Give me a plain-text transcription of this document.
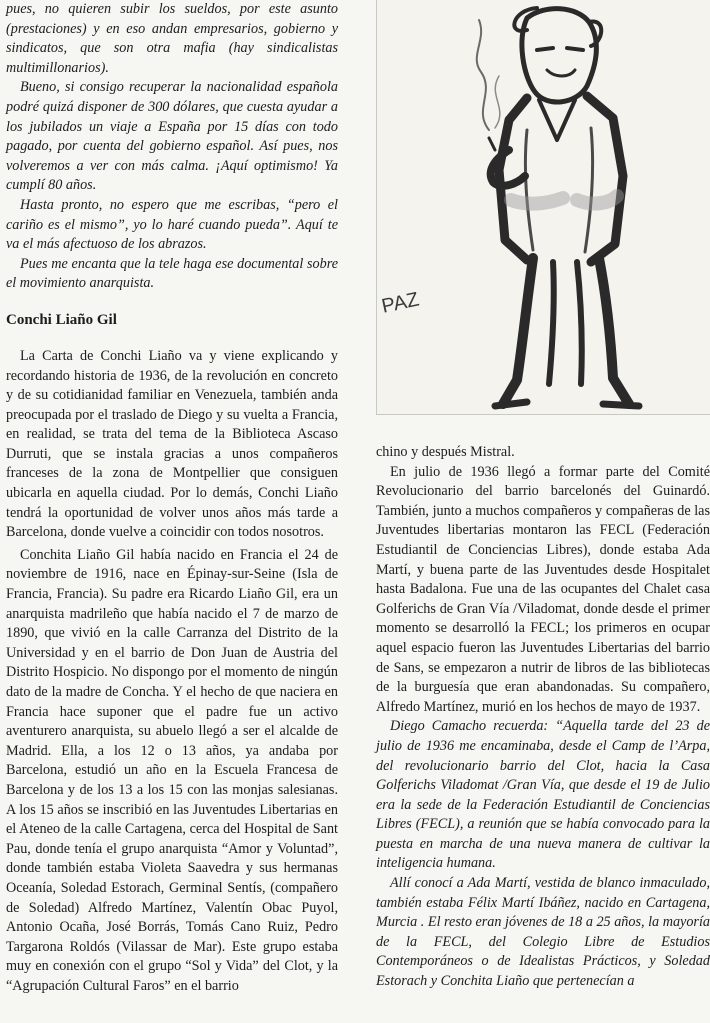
pues, no quieren subir los sueldos, por este asunto (prestaciones) y en eso andan empresarios, gobierno y sindicatos, que son otra mafia (hay sindicalistas multimillonarios).

Bueno, si consigo recuperar la nacionalidad española podré quizá disponer de 300 dólares, que cuesta ayudar a los jubilados un viaje a España por 15 días con todo pagado, por cuenta del gobierno español. Así pues, nos volveremos a ver con más calma. ¡Aquí optimismo! Ya cumplí 80 años.

Hasta pronto, no espero que me escribas, “pero el cariño es el mismo”, yo lo haré cuando pueda”. Aquí te va el más afectuoso de los abrazos.

Pues me encanta que la tele haga ese documental sobre el movimiento anarquista.

Conchi Liaño Gil

La Carta de Conchi Liaño va y viene explicando y recordando historia de 1936, de la revolución en concreto y de su cotidianidad familiar en Venezuela, también anda preocupada por el traslado de Diego y su vuelta a Francia, en realidad, se trata del tema de la Biblioteca Ascaso Durruti, que se instala gracias a unos compañeros franceses de la zona de Montpellier que consiguen ubicarla en aquella ciudad. Por lo demás, Conchi Liaño tendrá la oportunidad de volver unos años más tarde a Barcelona, donde vuelve a coincidir con todos nosotros.

Conchita Liaño Gil había nacido en Francia el 24 de noviembre de 1916, nace en Épinay-sur-Seine (Isla de Francia, Francia). Su padre era Ricardo Liaño Gil, era un anarquista madrileño que había nacido el 7 de marzo de 1890, que vivió en la calle Carranza del Distrito de la Universidad y en el barrio de Don Juan de Austria del Distrito Hospicio. No dispongo por el momento de ningún dato de la madre de Concha. Y el hecho de que naciera en Francia hace suponer que el padre fue un activo aventurero anarquista, su abuelo llegó a ser el alcalde de Madrid. Ella, a los 12 o 13 años, ya andaba por Barcelona, estudió un año en la Escuela Francesa de Barcelona y de los 13 a los 15 con las monjas salesianas. A los 15 años se inscribió en las Juventudes Libertarias en el Ateneo de la calle Cartagena, cerca del Hospital de Sant Pau, donde tenía el grupo anarquista “Amor y Voluntad”, donde también estaba Violeta Saavedra y sus hermanas Oceanía, Soledad Estorach, Germinal Sentís, (compañero de Soledad) Alfredo Martínez, Valentín Obac Puyol, Antonio Ocaña, José Borrás, Tomás Cano Ruiz, Pedro Targarona Roldós (Vilassar de Mar). Este grupo estaba muy en conexión con el grupo “Sol y Vida” del Clot, y la “Agrupación Cultural Faros” en el barrio

PAZ

chino y después Mistral.

En julio de 1936 llegó a formar parte del Comité Revolucionario del barrio barcelonés del Guinardó. También, junto a muchos compañeros y compañeras de las Juventudes libertarias montaron las FECL (Federación Estudiantil de Conciencias Libres), donde estaba Ada Martí, y buena parte de las Juventudes desde Hospitalet hasta Badalona. Fue una de las ocupantes del Chalet casa Golferichs de Gran Vía /Viladomat, donde desde el primer momento se desarrolló la FECL; los primeros en ocupar aquel espacio fueron las Juventudes Libertarias del barrio de Sans, se empezaron a nutrir de libros de las bibliotecas de la burguesía que eran abandonadas. Su compañero, Alfredo Martínez, murió en los hechos de mayo de 1937.

Diego Camacho recuerda: “Aquella tarde del 23 de julio de 1936 me encaminaba, desde el Camp de l’Arpa, del revolucionario barrio del Clot, hacia la Casa Golferichs Viladomat /Gran Vía, que desde el 19 de Julio era la sede de la Federación Estudiantil de Conciencias Libres (FECL), a reunión que se había convocado para la puesta en marcha de una nueva manera de cultivar la inteligencia humana.

Allí conocí a Ada Martí, vestida de blanco inmaculado, también estaba Félix Martí Ibáñez, nacido en Cartagena, Murcia . El resto eran jóvenes de 18 a 25 años, la mayoría de la FECL, del Colegio Libre de Estudios Contemporáneos o de Idealistas Prácticos, y Soledad Estorach y Conchita Liaño que pertenecían a
